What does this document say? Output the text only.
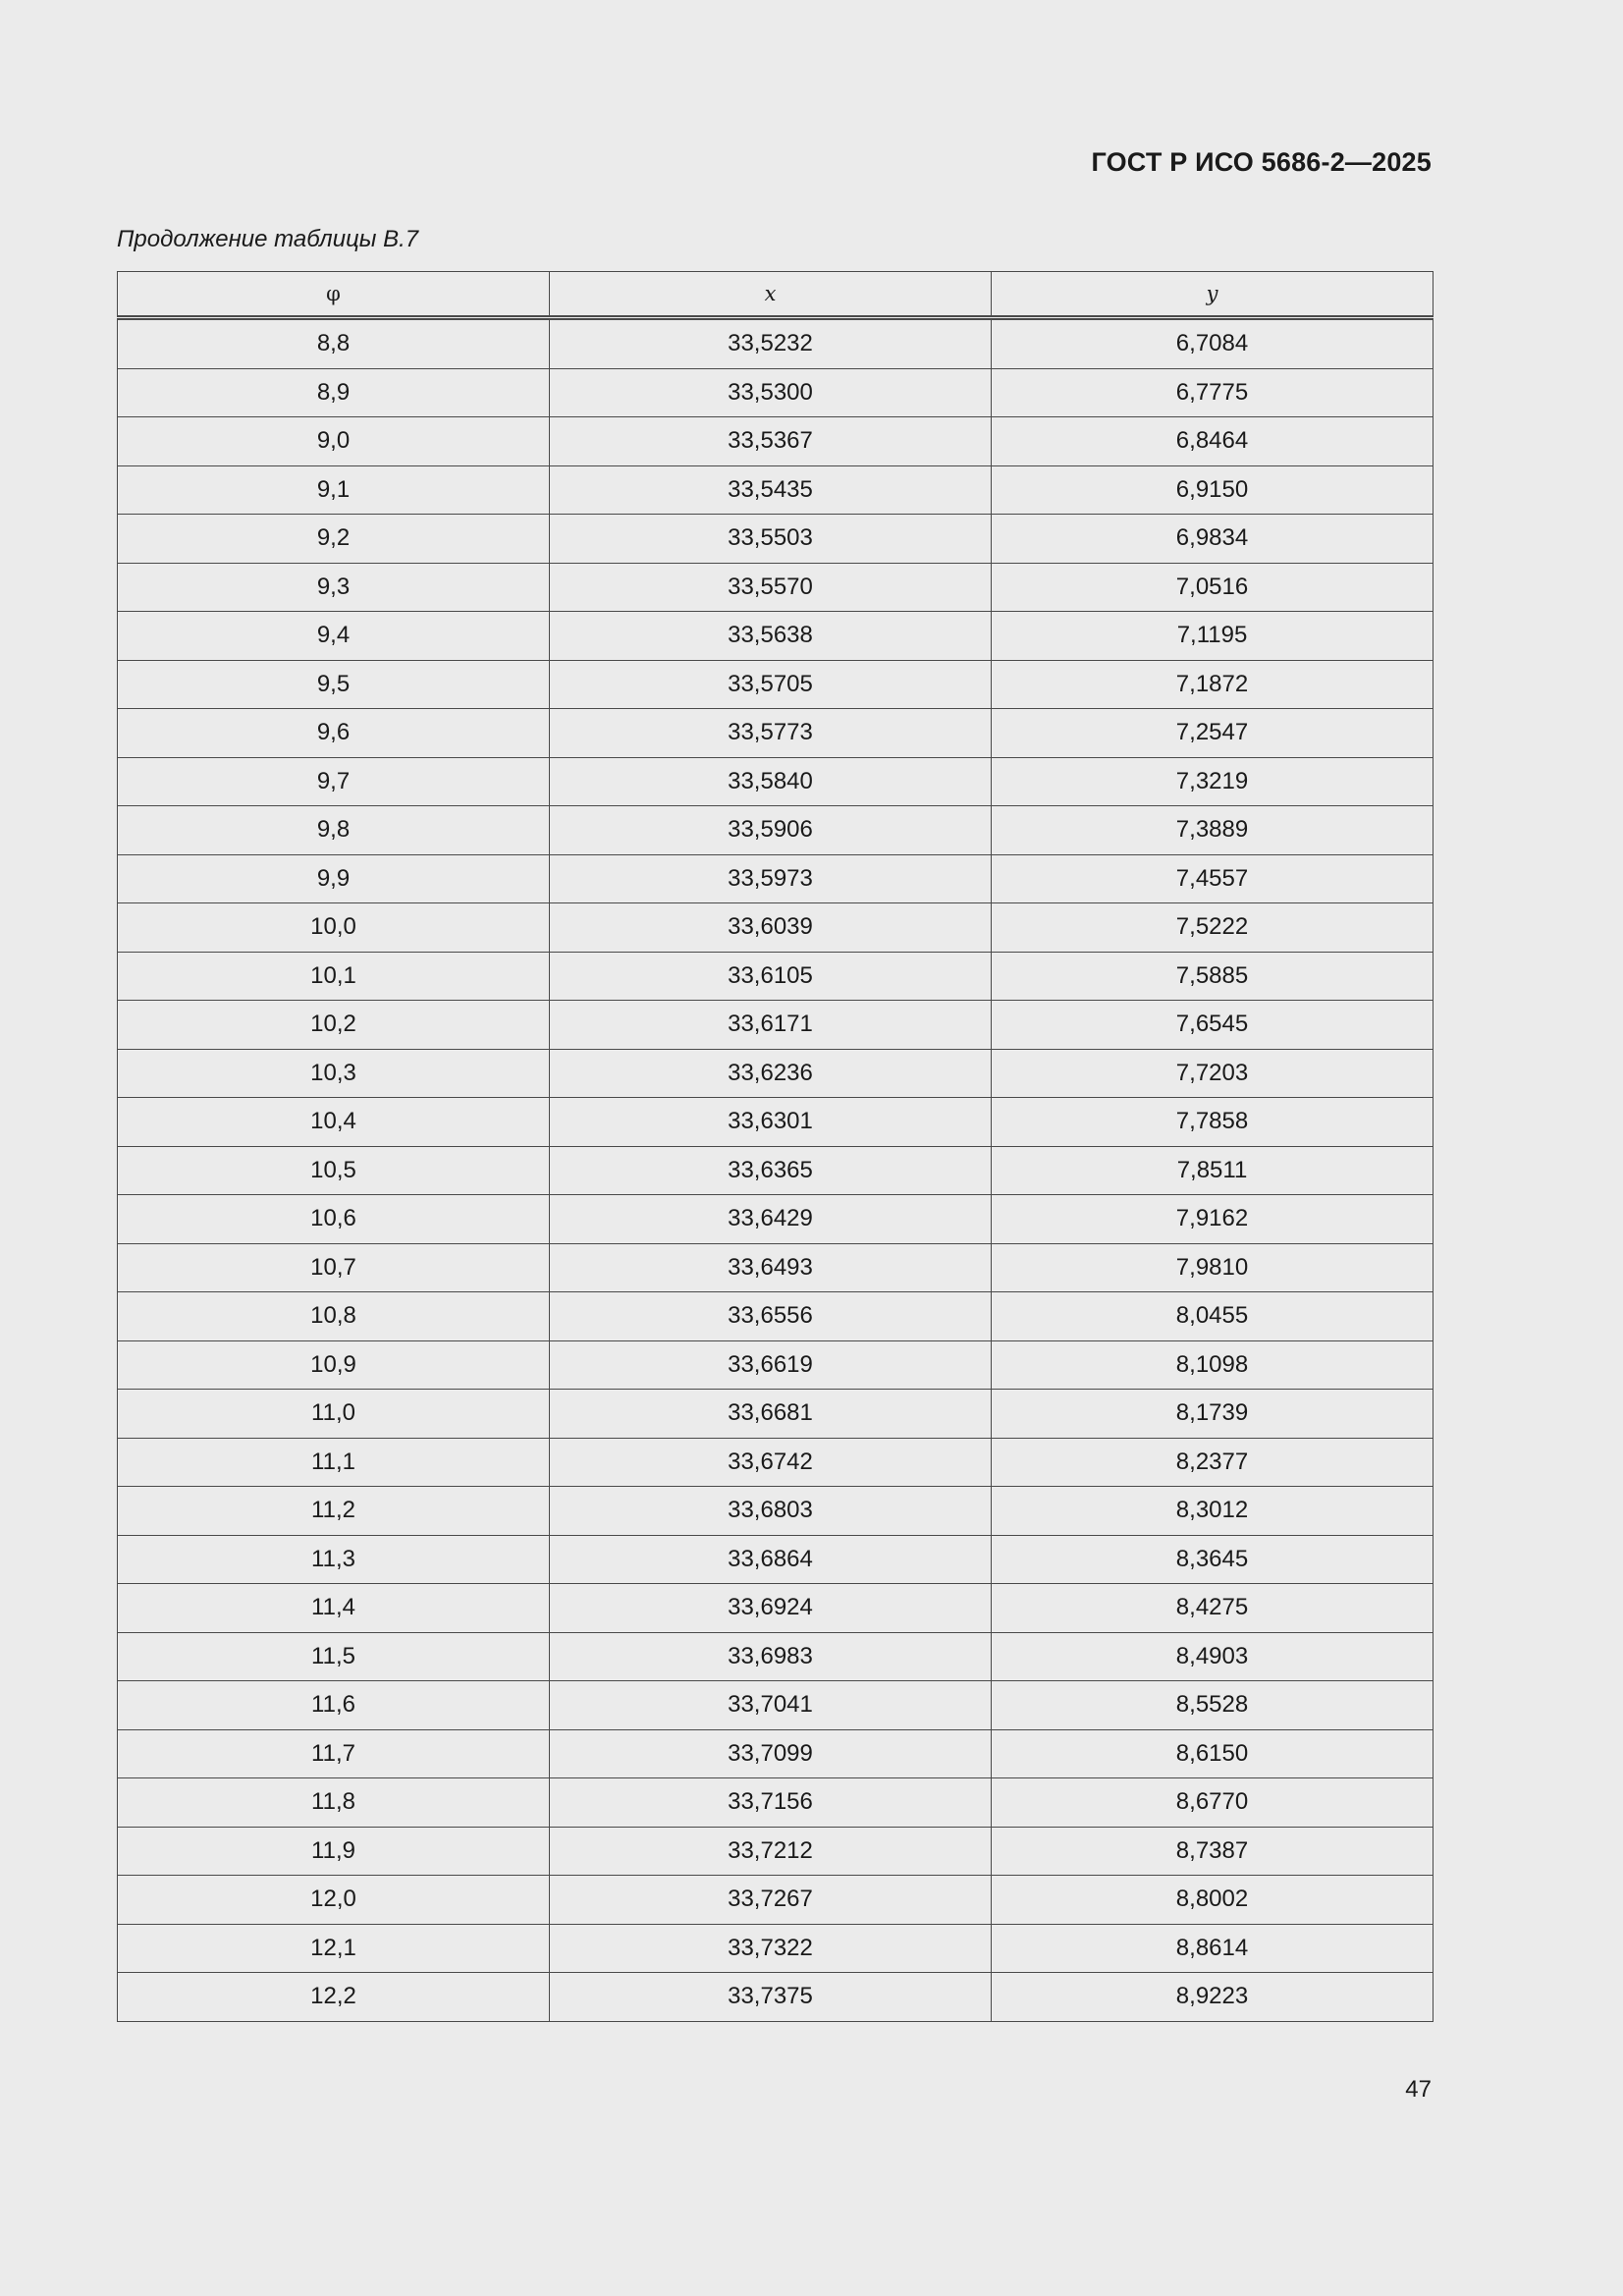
ГОСТ Р ИСО 5686-2—2025
Продолжение таблицы B.7
φ	x	y
8,8	33,5232	6,7084
8,9	33,5300	6,7775
9,0	33,5367	6,8464
9,1	33,5435	6,9150
9,2	33,5503	6,9834
9,3	33,5570	7,0516
9,4	33,5638	7,1195
9,5	33,5705	7,1872
9,6	33,5773	7,2547
9,7	33,5840	7,3219
9,8	33,5906	7,3889
9,9	33,5973	7,4557
10,0	33,6039	7,5222
10,1	33,6105	7,5885
10,2	33,6171	7,6545
10,3	33,6236	7,7203
10,4	33,6301	7,7858
10,5	33,6365	7,8511
10,6	33,6429	7,9162
10,7	33,6493	7,9810
10,8	33,6556	8,0455
10,9	33,6619	8,1098
11,0	33,6681	8,1739
11,1	33,6742	8,2377
11,2	33,6803	8,3012
11,3	33,6864	8,3645
11,4	33,6924	8,4275
11,5	33,6983	8,4903
11,6	33,7041	8,5528
11,7	33,7099	8,6150
11,8	33,7156	8,6770
11,9	33,7212	8,7387
12,0	33,7267	8,8002
12,1	33,7322	8,8614
12,2	33,7375	8,9223
47
